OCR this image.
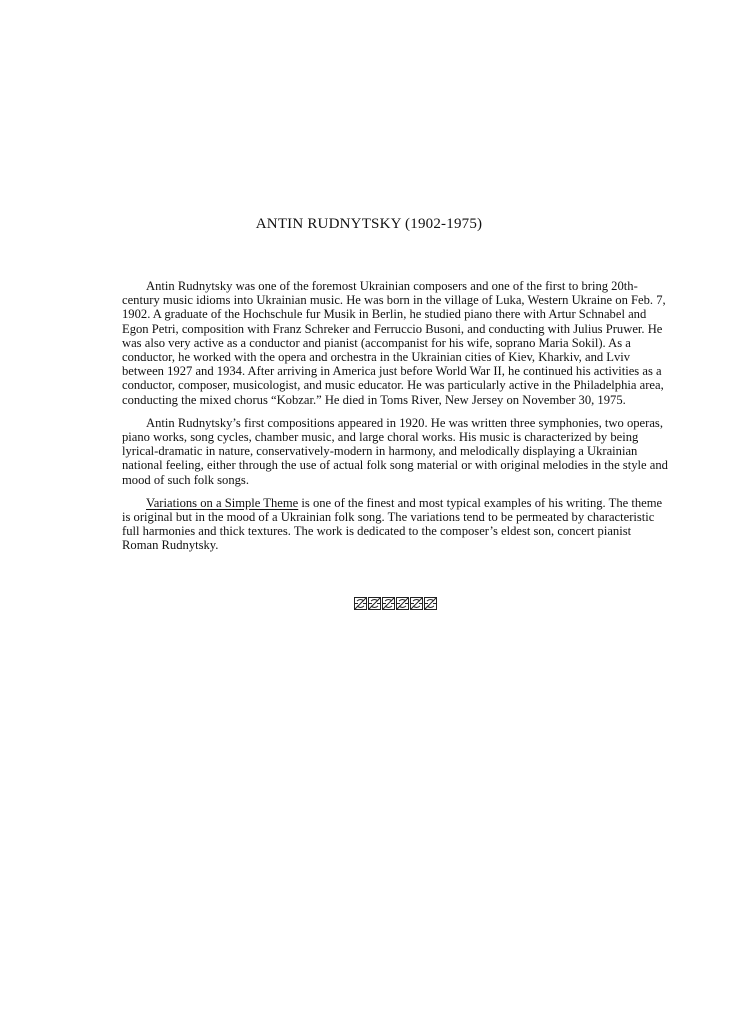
ANTIN RUDNYTSKY (1902-1975)

Antin Rudnytsky was one of the foremost Ukrainian composers and one of the first to bring 20th-century music idioms into Ukrainian music. He was born in the village of Luka, Western Ukraine on Feb. 7, 1902. A graduate of the Hochschule fur Musik in Berlin, he studied piano there with Artur Schnabel and Egon Petri, composition with Franz Schreker and Ferruccio Busoni, and conducting with Julius Pruwer. He was also very active as a conductor and pianist (accompanist for his wife, soprano Maria Sokil). As a conductor, he worked with the opera and orchestra in the Ukrainian cities of Kiev, Kharkiv, and Lviv between 1927 and 1934. After arriving in America just before World War II, he continued his activities as a conductor, composer, musicologist, and music educator. He was particularly active in the Philadelphia area, conducting the mixed chorus “Kobzar.” He died in Toms River, New Jersey on November 30, 1975.

Antin Rudnytsky’s first compositions appeared in 1920. He was written three symphonies, two operas, piano works, song cycles, chamber music, and large choral works. His music is characterized by being lyrical-dramatic in nature, conservatively-modern in harmony, and melodically displaying a Ukrainian national feeling, either through the use of actual folk song material or with original melodies in the style and mood of such folk songs.

Variations on a Simple Theme is one of the finest and most typical examples of his writing. The theme is original but in the mood of a Ukrainian folk song. The variations tend to be permeated by characteristic full harmonies and thick textures. The work is dedicated to the composer’s eldest son, concert pianist Roman Rudnytsky.
